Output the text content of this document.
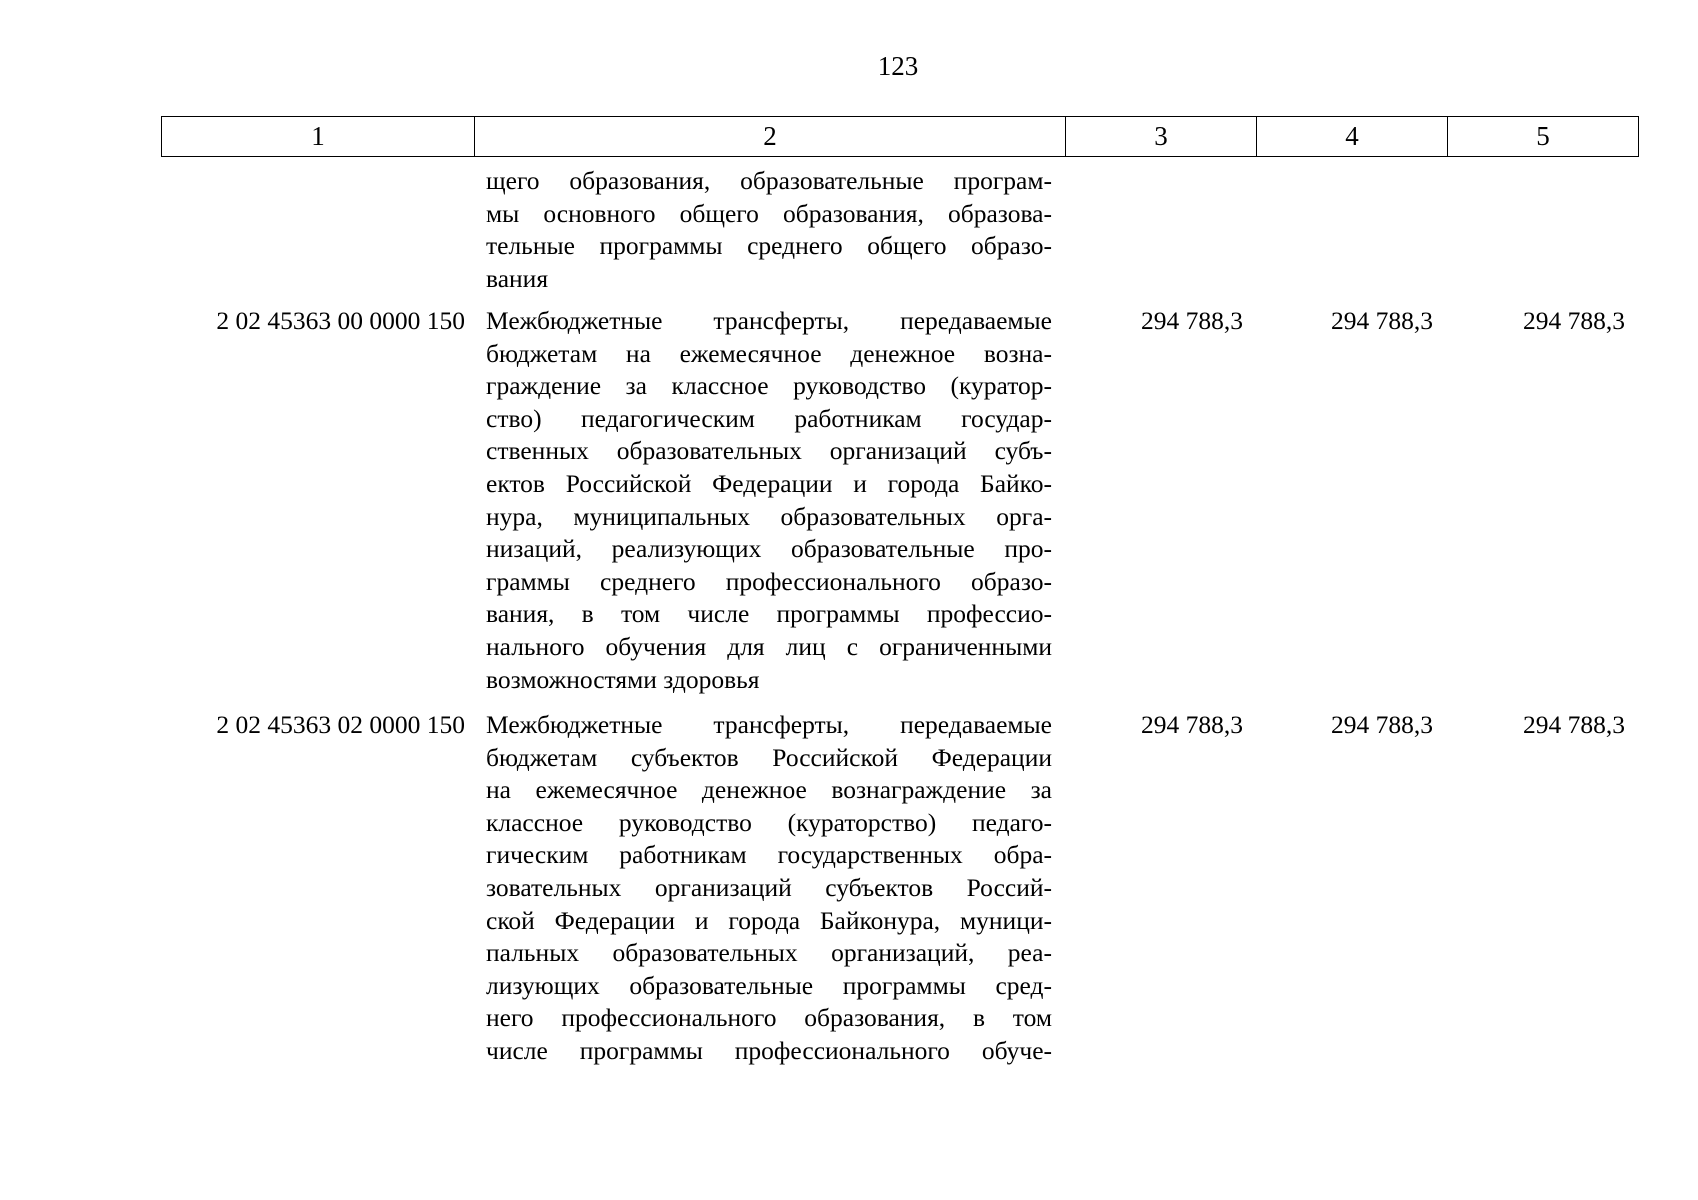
123
1	2	3	4	5
щего образования, образовательные програм-
мы основного общего образования, образова-
тельные программы среднего общего образо-
вания
2 02 45363 00 0000 150 Межбюджетные трансферты, передаваемые
бюджетам на ежемесячное денежное возна-
граждение за классное руководство (куратор-
ство) педагогическим работникам государ-
ственных образовательных организаций субъ-
ектов Российской Федерации и города Байко-
нура, муниципальных образовательных орга-
низаций, реализующих образовательные про-
граммы среднего профессионального образо-
вания, в том числе программы профессио-
нального обучения для лиц с ограниченными
возможностями здоровья
294 788,3	294 788,3	294 788,3
2 02 45363 02 0000 150 Межбюджетные трансферты, передаваемые
бюджетам субъектов Российской Федерации
на ежемесячное денежное вознаграждение за
классное руководство (кураторство) педаго-
гическим работникам государственных обра-
зовательных организаций субъектов Россий-
ской Федерации и города Байконура, муници-
пальных образовательных организаций, реа-
лизующих образовательные программы сред-
него профессионального образования, в том
числе программы профессионального обуче-
294 788,3	294 788,3	294 788,3
